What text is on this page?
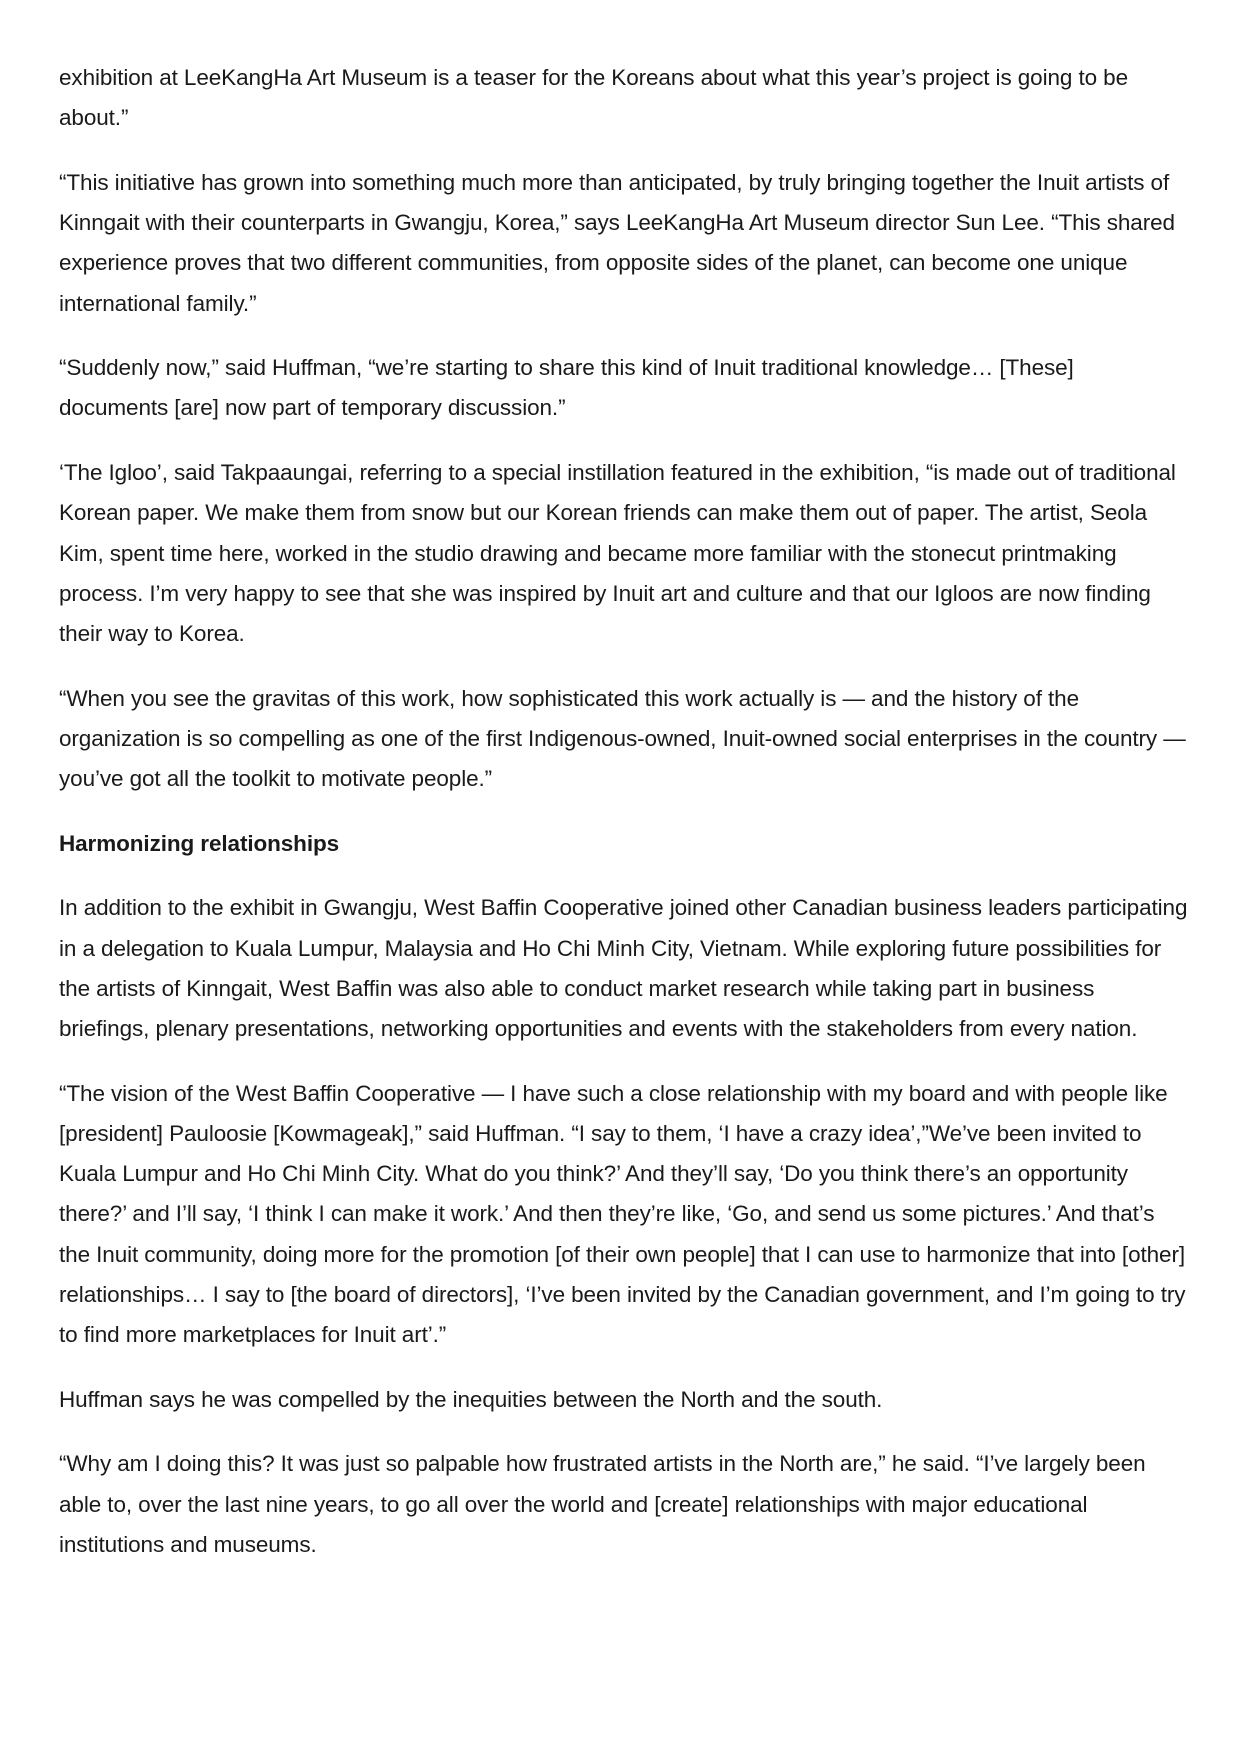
exhibition at LeeKangHa Art Museum is a teaser for the Koreans about what this year’s project is going to be about.”

“This initiative has grown into something much more than anticipated, by truly bringing together the Inuit artists of Kinngait with their counterparts in Gwangju, Korea,” says LeeKangHa Art Museum director Sun Lee. “This shared experience proves that two different communities, from opposite sides of the planet, can become one unique international family.”

“Suddenly now,” said Huffman, “we’re starting to share this kind of Inuit traditional knowledge… [These] documents [are] now part of temporary discussion.”

‘The Igloo’, said Takpaaungai, referring to a special instillation featured in the exhibition, “is made out of traditional Korean paper. We make them from snow but our Korean friends can make them out of paper. The artist, Seola Kim, spent time here, worked in the studio drawing and became more familiar with the stonecut printmaking process. I’m very happy to see that she was inspired by Inuit art and culture and that our Igloos are now finding their way to Korea.

“When you see the gravitas of this work, how sophisticated this work actually is — and the history of the organization is so compelling as one of the first Indigenous-owned, Inuit-owned social enterprises in the country — you’ve got all the toolkit to motivate people.”

Harmonizing relationships

In addition to the exhibit in Gwangju, West Baffin Cooperative joined other Canadian business leaders participating in a delegation to Kuala Lumpur, Malaysia and Ho Chi Minh City, Vietnam. While exploring future possibilities for the artists of Kinngait, West Baffin was also able to conduct market research while taking part in business briefings, plenary presentations, networking opportunities and events with the stakeholders from every nation.

“The vision of the West Baffin Cooperative — I have such a close relationship with my board and with people like [president] Pauloosie [Kowmageak],” said Huffman. “I say to them, ‘I have a crazy idea’,”We’ve been invited to Kuala Lumpur and Ho Chi Minh City. What do you think?’ And they’ll say, ‘Do you think there’s an opportunity there?’ and I’ll say, ‘I think I can make it work.’ And then they’re like, ‘Go, and send us some pictures.’ And that’s the Inuit community, doing more for the promotion [of their own people] that I can use to harmonize that into [other] relationships… I say to [the board of directors], ‘I’ve been invited by the Canadian government, and I’m going to try to find more marketplaces for Inuit art’.”

Huffman says he was compelled by the inequities between the North and the south.

“Why am I doing this? It was just so palpable how frustrated artists in the North are,” he said. “I’ve largely been able to, over the last nine years, to go all over the world and [create] relationships with major educational institutions and museums.
